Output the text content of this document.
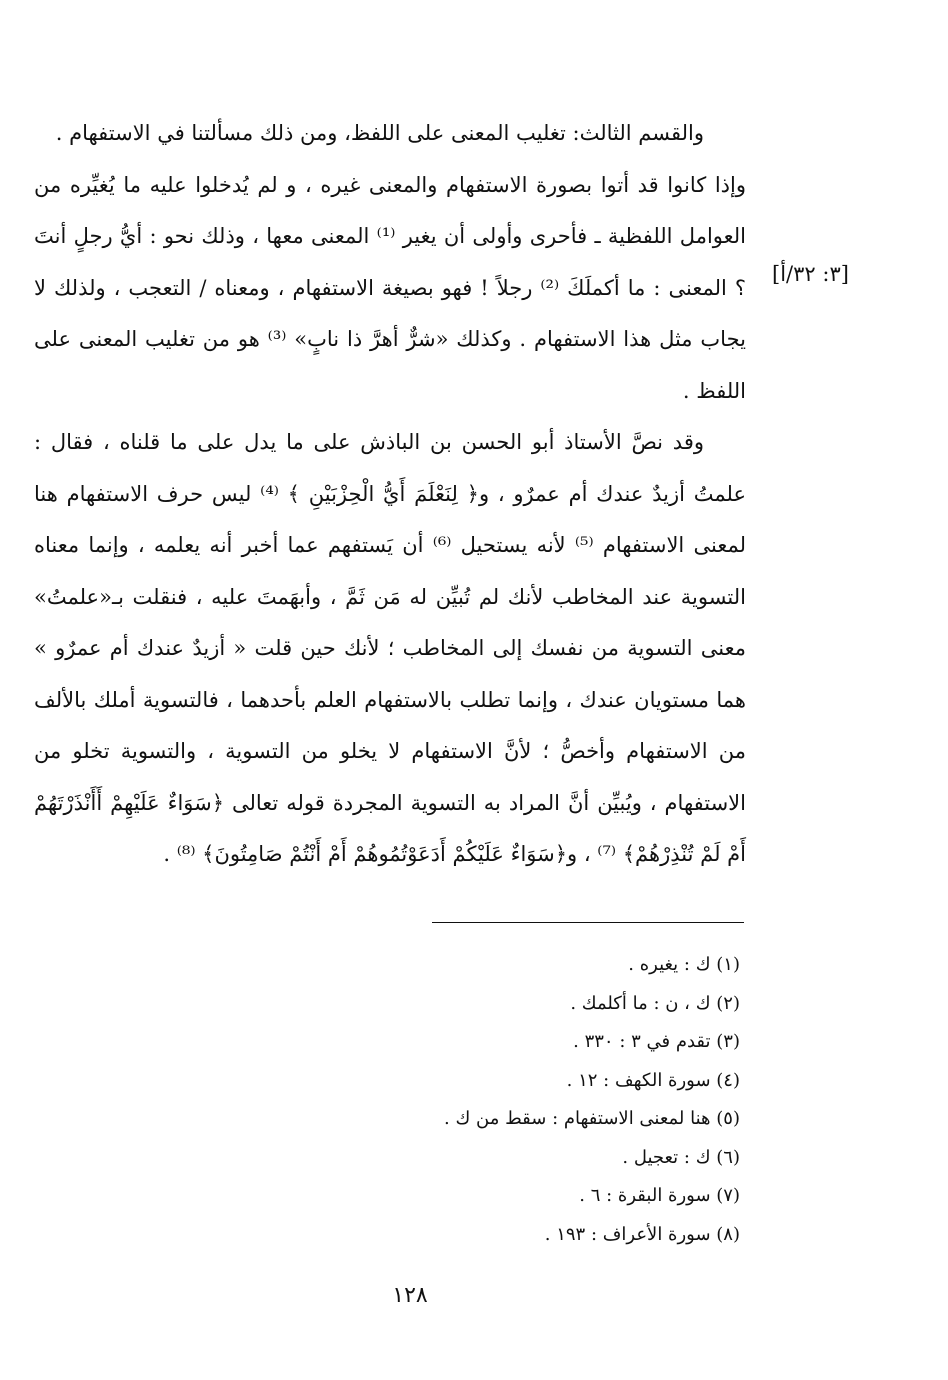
[٣: ٣٢/أ]

والقسم الثالث: تغليب المعنى على اللفظ، ومن ذلك مسألتنا في الاستفهام .

وإذا كانوا قد أتوا بصورة الاستفهام والمعنى غيره ، و لم يُدخلوا عليه ما يُغيِّره من العوامل اللفظية ـ فأحرى وأولى أن يغير ⁽¹⁾ المعنى معها ، وذلك نحو : أيُّ رجلٍ أنتَ ؟ المعنى : ما أكملَكَ ⁽²⁾ رجلاً ! فهو بصيغة الاستفهام ، ومعناه / التعجب ، ولذلك لا يجاب مثل هذا الاستفهام . وكذلك «شرٌّ أهرَّ ذا نابٍ» ⁽³⁾ هو من تغليب المعنى على اللفظ .

وقد نصَّ الأستاذ أبو الحسن بن الباذش على ما يدل على ما قلناه ، فقال : علمتُ أزيدٌ عندك أم عمرٌو ، و﴿ لِنَعْلَمَ أَيُّ الْحِزْبَيْنِ ﴾ ⁽⁴⁾ ليس حرف الاستفهام هنا لمعنى الاستفهام ⁽⁵⁾ لأنه يستحيل ⁽⁶⁾ أن يَستفهم عما أخبر أنه يعلمه ، وإنما معناه التسوية عند المخاطب لأنك لم تُبيِّن له مَن ثَمَّ ، وأبهَمتَ عليه ، فنقلت بـ«علمتُ» معنى التسوية من نفسك إلى المخاطب ؛ لأنك حين قلت « أزيدٌ عندك أم عمرٌو » هما مستويان عندك ، وإنما تطلب بالاستفهام العلم بأحدهما ، فالتسوية أملك بالألف من الاستفهام وأخصُّ ؛ لأنَّ الاستفهام لا يخلو من التسوية ، والتسوية تخلو من الاستفهام ، ويُبيِّن أنَّ المراد به التسوية المجردة قوله تعالى ﴿سَوَاءٌ عَلَيْهِمْ أَأَنْذَرْتَهُمْ أَمْ لَمْ تُنْذِرْهُمْ﴾ ⁽⁷⁾ ، و﴿سَوَاءٌ عَلَيْكُمْ أَدَعَوْتُمُوهُمْ أَمْ أَنْتُمْ صَامِتُونَ﴾ ⁽⁸⁾ .

(١) ك : يغيره .
(٢) ك ، ن : ما أكلمك .
(٣) تقدم في ٣ : ٣٣٠ .
(٤) سورة الكهف : ١٢ .
(٥) هنا لمعنى الاستفهام : سقط من ك .
(٦) ك : تعجيل .
(٧) سورة البقرة : ٦ .
(٨) سورة الأعراف : ١٩٣ .
١٢٨
